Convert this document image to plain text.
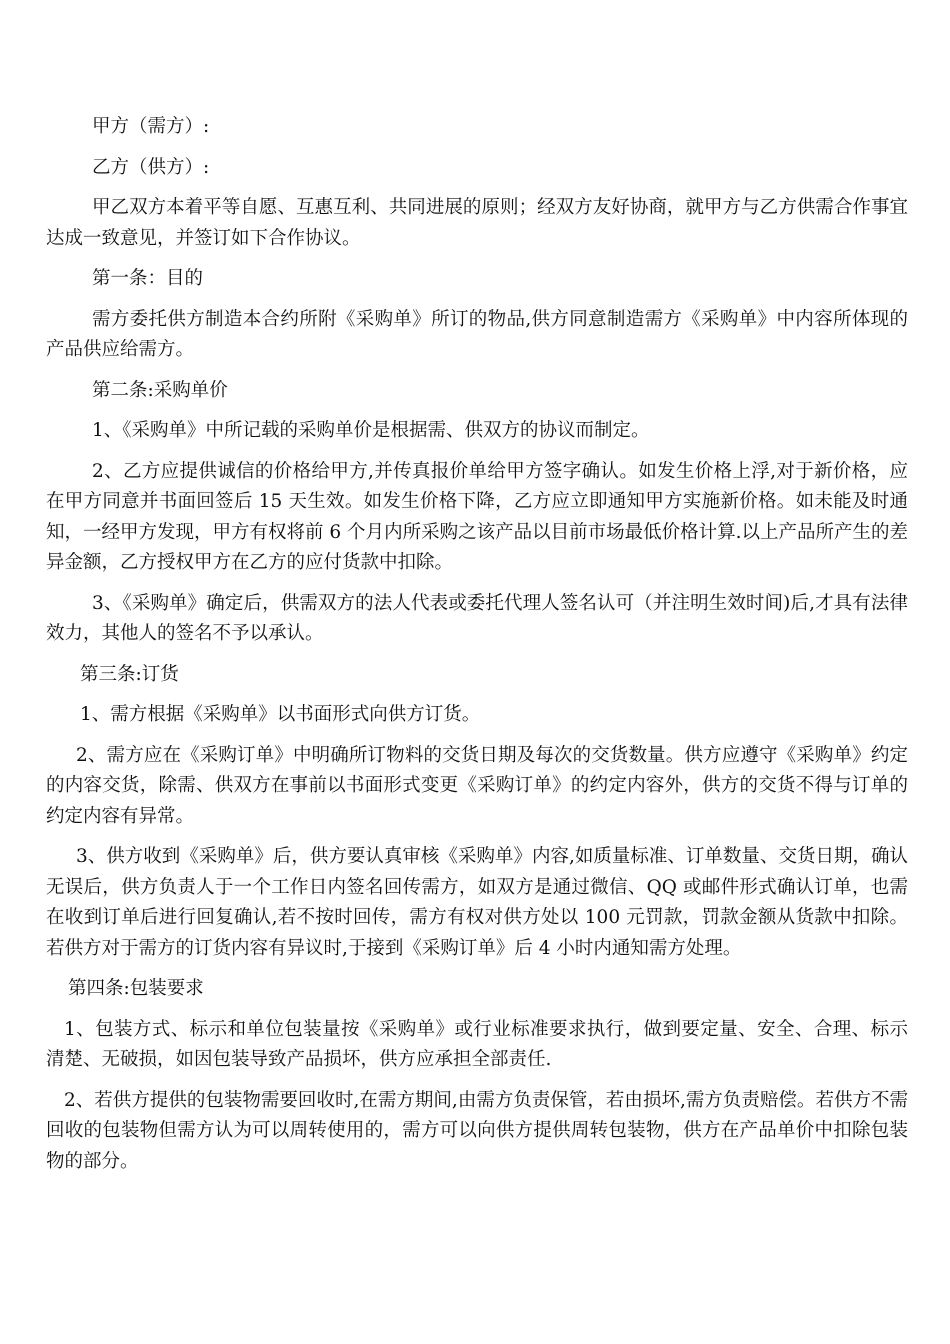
甲方（需方）:

乙方（供方）:

甲乙双方本着平等自愿、互惠互利、共同进展的原则；经双方友好协商，就甲方与乙方供需合作事宜达成一致意见，并签订如下合作协议。

第一条：目的

需方委托供方制造本合约所附《采购单》所订的物品,供方同意制造需方《采购单》中内容所体现的产品供应给需方。

第二条:采购单价

1、《采购单》中所记载的采购单价是根据需、供双方的协议而制定。

2、乙方应提供诚信的价格给甲方,并传真报价单给甲方签字确认。如发生价格上浮,对于新价格，应在甲方同意并书面回签后 15 天生效。如发生价格下降，乙方应立即通知甲方实施新价格。如未能及时通知，一经甲方发现，甲方有权将前 6 个月内所采购之该产品以目前市场最低价格计算.以上产品所产生的差异金额，乙方授权甲方在乙方的应付货款中扣除。

3、《采购单》确定后，供需双方的法人代表或委托代理人签名认可（并注明生效时间)后,才具有法律效力，其他人的签名不予以承认。

第三条:订货

1、需方根据《采购单》以书面形式向供方订货。

2、需方应在《采购订单》中明确所订物料的交货日期及每次的交货数量。供方应遵守《采购单》约定的内容交货，除需、供双方在事前以书面形式变更《采购订单》的约定内容外，供方的交货不得与订单的约定内容有异常。

3、供方收到《采购单》后，供方要认真审核《采购单》内容,如质量标准、订单数量、交货日期，确认无误后，供方负责人于一个工作日内签名回传需方，如双方是通过微信、QQ 或邮件形式确认订单，也需在收到订单后进行回复确认,若不按时回传，需方有权对供方处以 100 元罚款，罚款金额从货款中扣除。若供方对于需方的订货内容有异议时,于接到《采购订单》后 4 小时内通知需方处理。

第四条:包装要求

1、包装方式、标示和单位包装量按《采购单》或行业标准要求执行，做到要定量、安全、合理、标示清楚、无破损，如因包装导致产品损坏，供方应承担全部责任.

2、若供方提供的包装物需要回收时,在需方期间,由需方负责保管，若由损坏,需方负责赔偿。若供方不需回收的包装物但需方认为可以周转使用的，需方可以向供方提供周转包装物，供方在产品单价中扣除包装物的部分。
